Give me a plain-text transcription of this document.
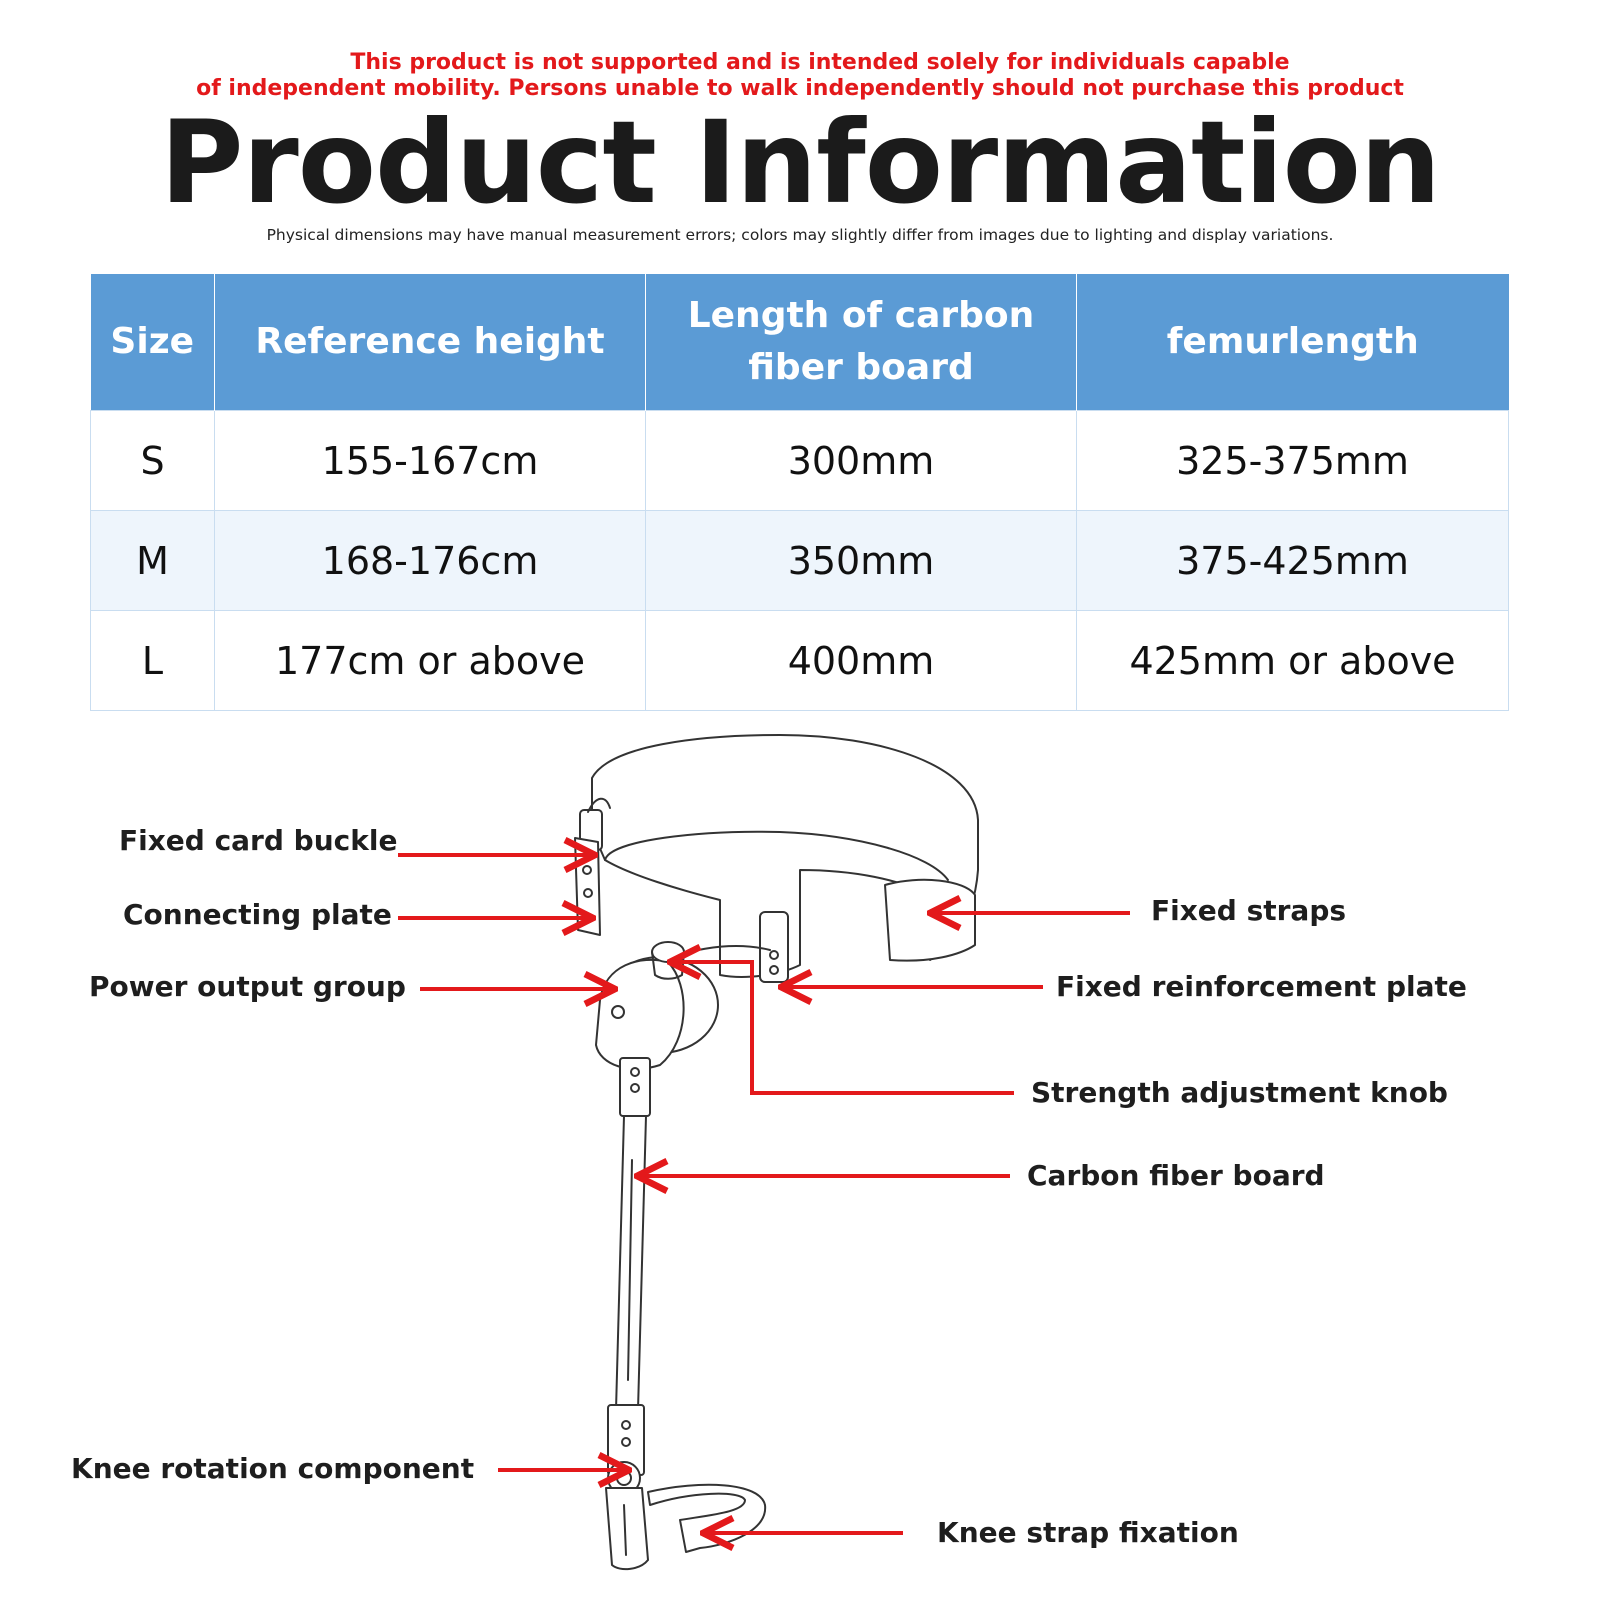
This product is not supported and is intended solely for individuals capable
of independent mobility. Persons unable to walk independently should not purchase this product
Product Information
Physical dimensions may have manual measurement errors; colors may slightly differ from images due to lighting and display variations.
Size	Reference height	Length of carbon fiber board	femurlength
S	155-167cm	300mm	325-375mm
M	168-176cm	350mm	375-425mm
L	177cm or above	400mm	425mm or above
Fixed card buckle
Connecting plate
Power output group
Fixed straps
Fixed reinforcement plate
Strength adjustment knob
Carbon fiber board
Knee rotation component
Knee strap fixation
